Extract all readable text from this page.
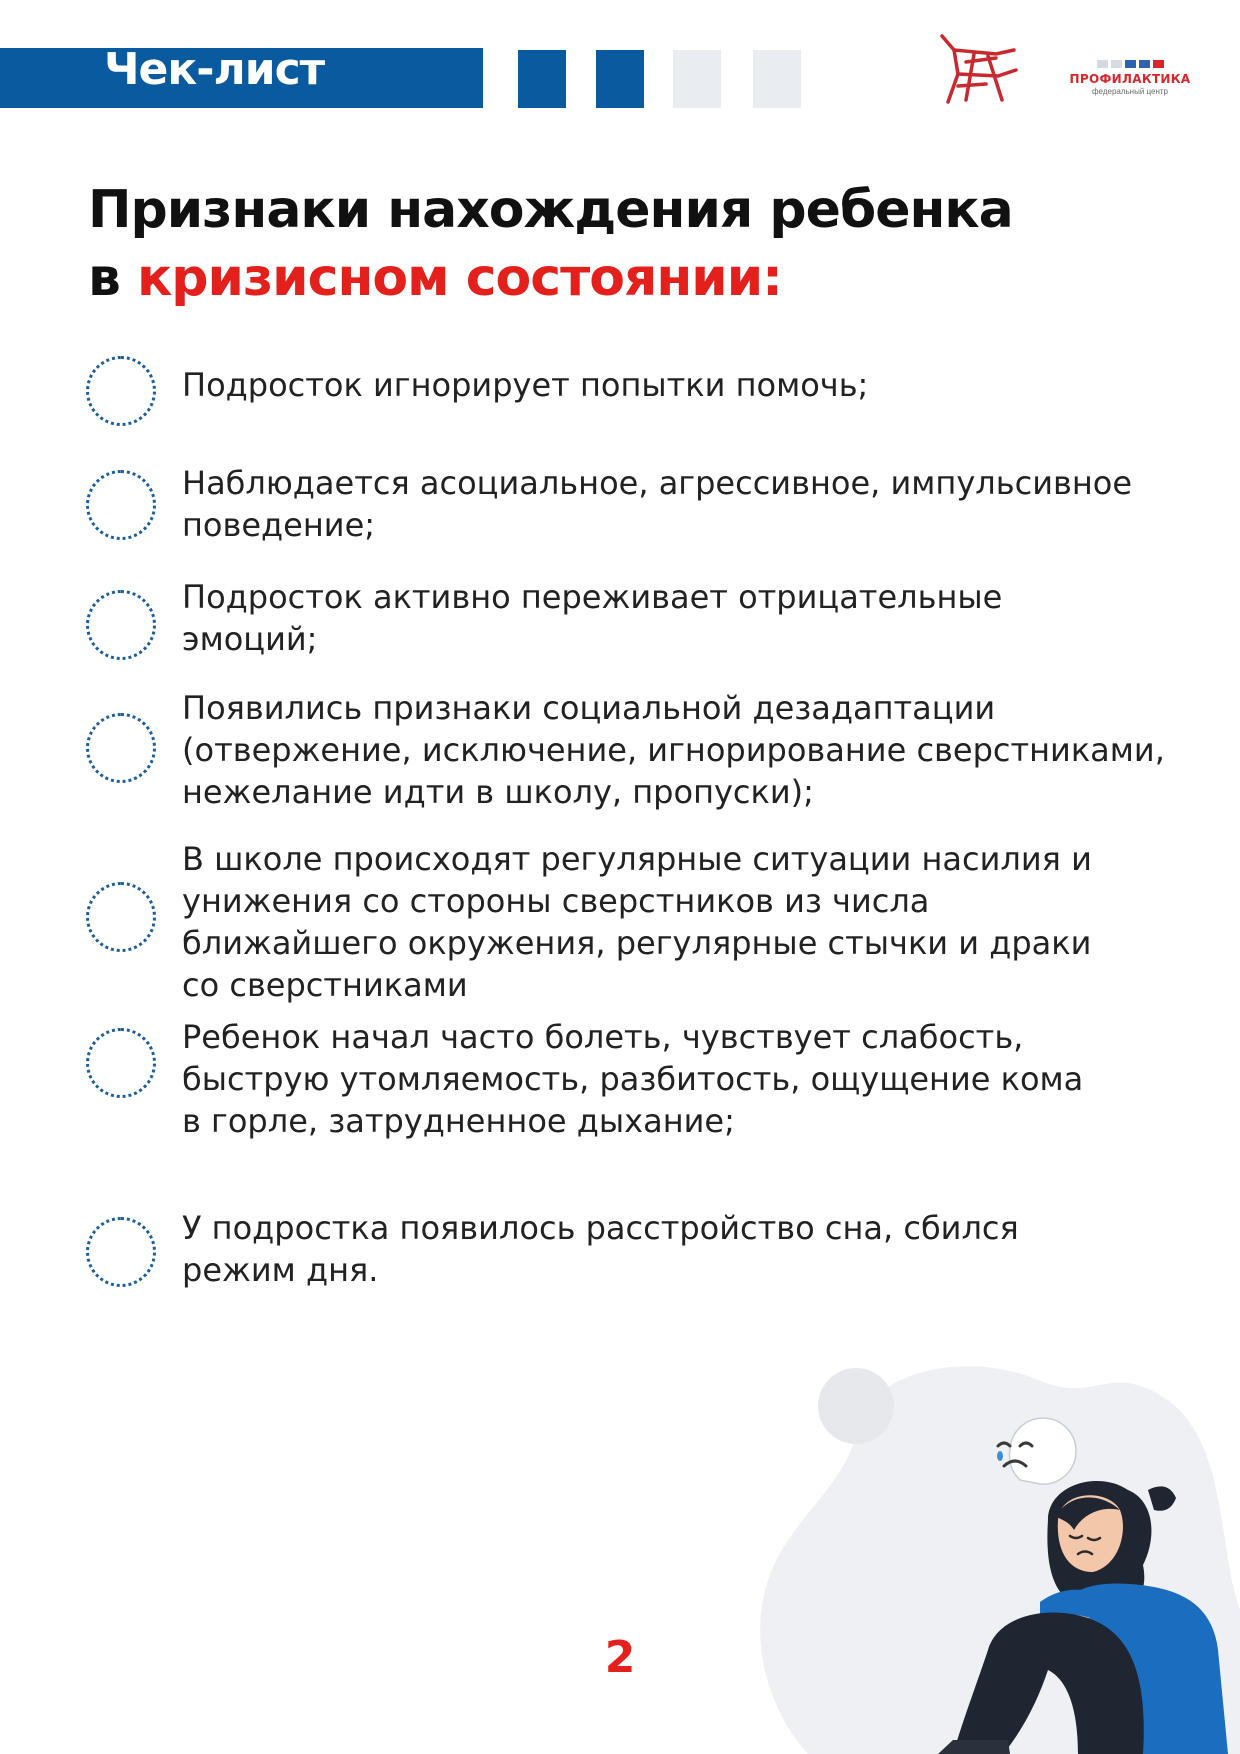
Чек-лист	ПРОФИЛАКТИКА
федеральный центр
Признаки нахождения ребенка
в кризисном состоянии:
Подросток игнорирует попытки помочь;
Наблюдается асоциальное, агрессивное, импульсивное
поведение;
Подросток активно переживает отрицательные
эмоций;
Появились признаки социальной дезадаптации
(отвержение, исключение, игнорирование сверстниками,
нежелание идти в школу, пропуски);
В школе происходят регулярные ситуации насилия и
унижения со стороны сверстников из числа
ближайшего окружения, регулярные стычки и драки
со сверстниками
Ребенок начал часто болеть, чувствует слабость,
быструю утомляемость, разбитость, ощущение кома
в горле, затрудненное дыхание;
У подростка появилось расстройство сна, сбился
режим дня.
2
